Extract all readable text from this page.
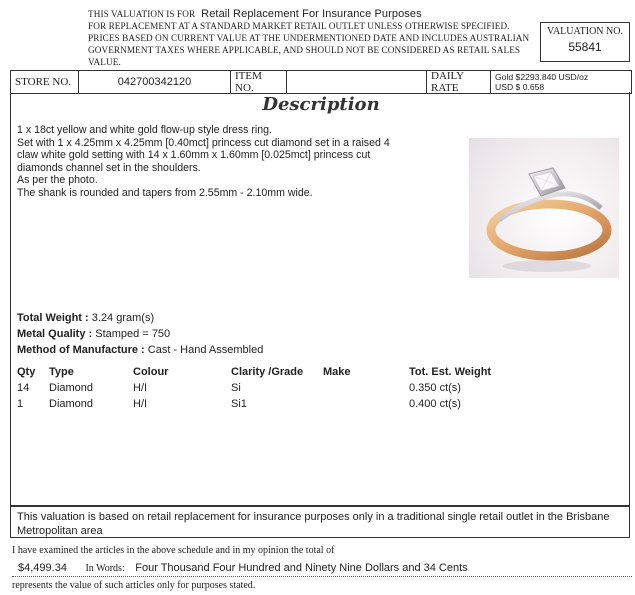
THIS VALUATION IS FOR Retail Replacement For Insurance Purposes
FOR REPLACEMENT AT A STANDARD MARKET RETAIL OUTLET UNLESS OTHERWISE SPECIFIED.
PRICES BASED ON CURRENT VALUE AT THE UNDERMENTIONED DATE AND INCLUDES AUSTRALIAN
GOVERNMENT TAXES WHERE APPLICABLE, AND SHOULD NOT BE CONSIDERED AS RETAIL SALES VALUE.
VALUATION NO.
55841
STORE NO.	042700342120	ITEM NO.
DAILY RATE
Gold $2293.840 USD/oz
USD $ 0.658
Description
1 x 18ct yellow and white gold flow-up style dress ring.
Set with 1 x 4.25mm x 4.25mm [0.40mct] princess cut diamond set in a raised 4
claw white gold setting with 14 x 1.60mm x 1.60mm [0.025mct] princess cut
diamonds channel set in the shoulders.
As per the photo.
The shank is rounded and tapers from 2.55mm - 2.10mm wide.
Total Weight : 3.24 gram(s)
Metal Quality : Stamped = 750
Method of Manufacture : Cast - Hand Assembled
Qty Type	Colour	Clarity /Grade Make	Tot. Est. Weight
14 Diamond	H/I	Si	0.350 ct(s)
1 Diamond	H/I	Si1	0.400 ct(s)
This valuation is based on retail replacement for insurance purposes only in a traditional single retail outlet in the Brisbane Metropolitan area
I have examined the articles in the above schedule and in my opinion the total of
$4,499.34 In Words: Four Thousand Four Hundred and Ninety Nine Dollars and 34 Cents
represents the value of such articles only for purposes stated.
